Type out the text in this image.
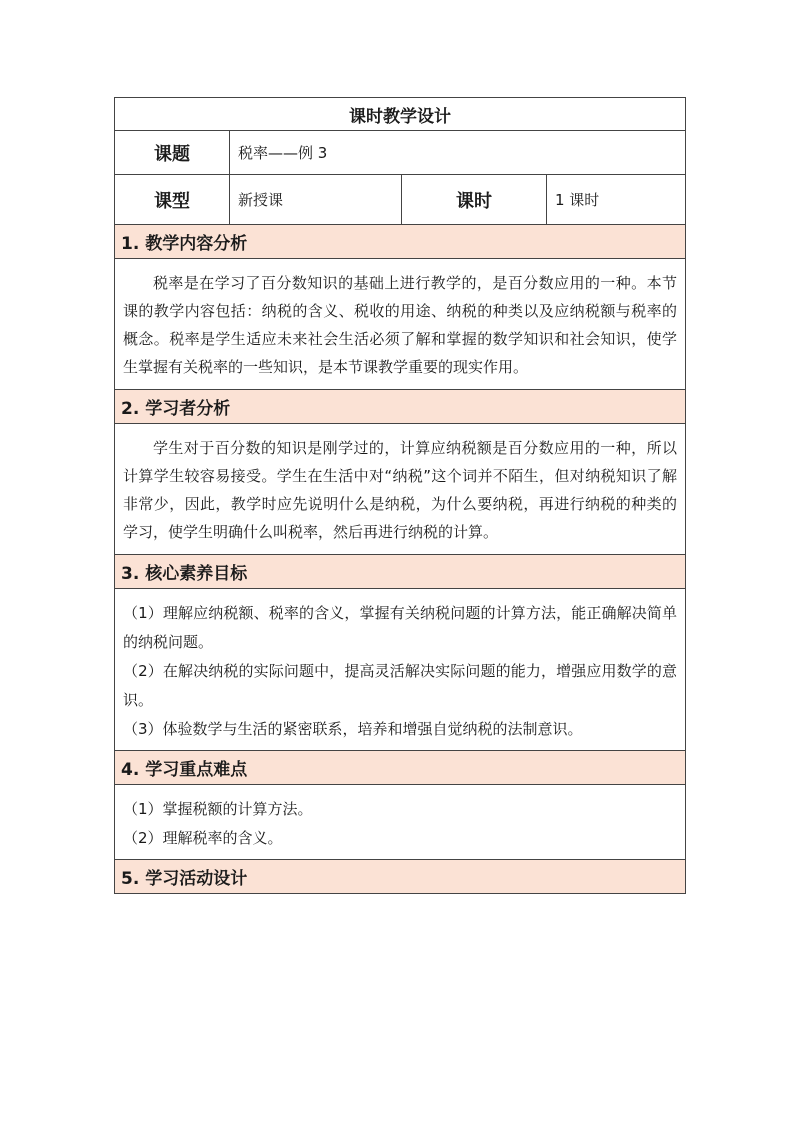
课时教学设计
课题	税率——例 3
课型	新授课	课时	1 课时
1. 教学内容分析

税率是在学习了百分数知识的基础上进行教学的，是百分数应用的一种。本节课的教学内容包括：纳税的含义、税收的用途、纳税的种类以及应纳税额与税率的概念。税率是学生适应未来社会生活必须了解和掌握的数学知识和社会知识，使学生掌握有关税率的一些知识，是本节课教学重要的现实作用。

2. 学习者分析

学生对于百分数的知识是刚学过的，计算应纳税额是百分数应用的一种，所以计算学生较容易接受。学生在生活中对“纳税”这个词并不陌生，但对纳税知识了解非常少，因此，教学时应先说明什么是纳税，为什么要纳税，再进行纳税的种类的学习，使学生明确什么叫税率，然后再进行纳税的计算。

3. 核心素养目标
（1）理解应纳税额、税率的含义，掌握有关纳税问题的计算方法，能正确解决简单的纳税问题。
（2）在解决纳税的实际问题中，提高灵活解决实际问题的能力，增强应用数学的意识。
（3）体验数学与生活的紧密联系，培养和增强自觉纳税的法制意识。
4. 学习重点难点
（1）掌握税额的计算方法。
（2）理解税率的含义。
5. 学习活动设计
